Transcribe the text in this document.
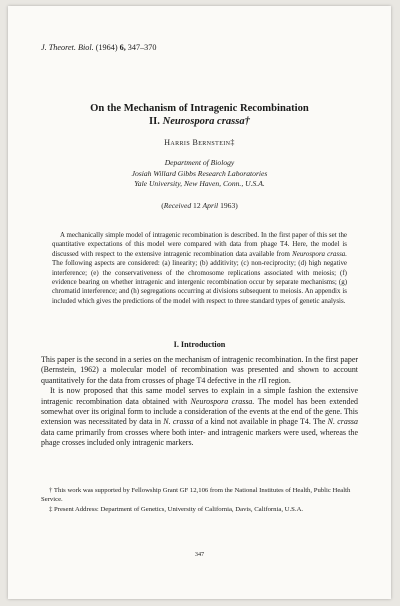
J. Theoret. Biol. (1964) 6, 347–370
On the Mechanism of Intragenic Recombination
II. Neurospora crassa†
Harris Bernstein‡
Department of Biology
Josiah Willard Gibbs Research Laboratories
Yale University, New Haven, Conn., U.S.A.
(Received 12 April 1963)
A mechanically simple model of intragenic recombination is described. In the first paper of this set the quantitative expectations of this model were compared with data from phage T4. Here, the model is discussed with respect to the extensive intragenic recombination data available from Neurospora crassa. The following aspects are considered: (a) linearity; (b) additivity; (c) non-reciprocity; (d) high negative interference; (e) the conservativeness of the chromosome replications associated with meiosis; (f) evidence bearing on whether intragenic and intergenic recombination occur by separate mechanisms; (g) chromatid interference; and (h) segregations occurring at divisions subsequent to meiosis. An appendix is included which gives the predictions of the model with respect to three standard types of genetic analysis.
I. Introduction

This paper is the second in a series on the mechanism of intragenic recombination. In the first paper (Bernstein, 1962) a molecular model of recombination was presented and shown to account quantitatively for the data from crosses of phage T4 defective in the rII region.

It is now proposed that this same model serves to explain in a simple fashion the extensive intragenic recombination data obtained with Neurospora crassa. The model has been extended somewhat over its original form to include a consideration of the events at the end of the gene. This extension was necessitated by data in N. crassa of a kind not available in phage T4. The N. crassa data came primarily from crosses where both inter- and intragenic markers were used, whereas the phage crosses included only intragenic markers.

† This work was supported by Fellowship Grant GF 12,106 from the National Institutes of Health, Public Health Service.

‡ Present Address: Department of Genetics, University of California, Davis, California, U.S.A.

347
